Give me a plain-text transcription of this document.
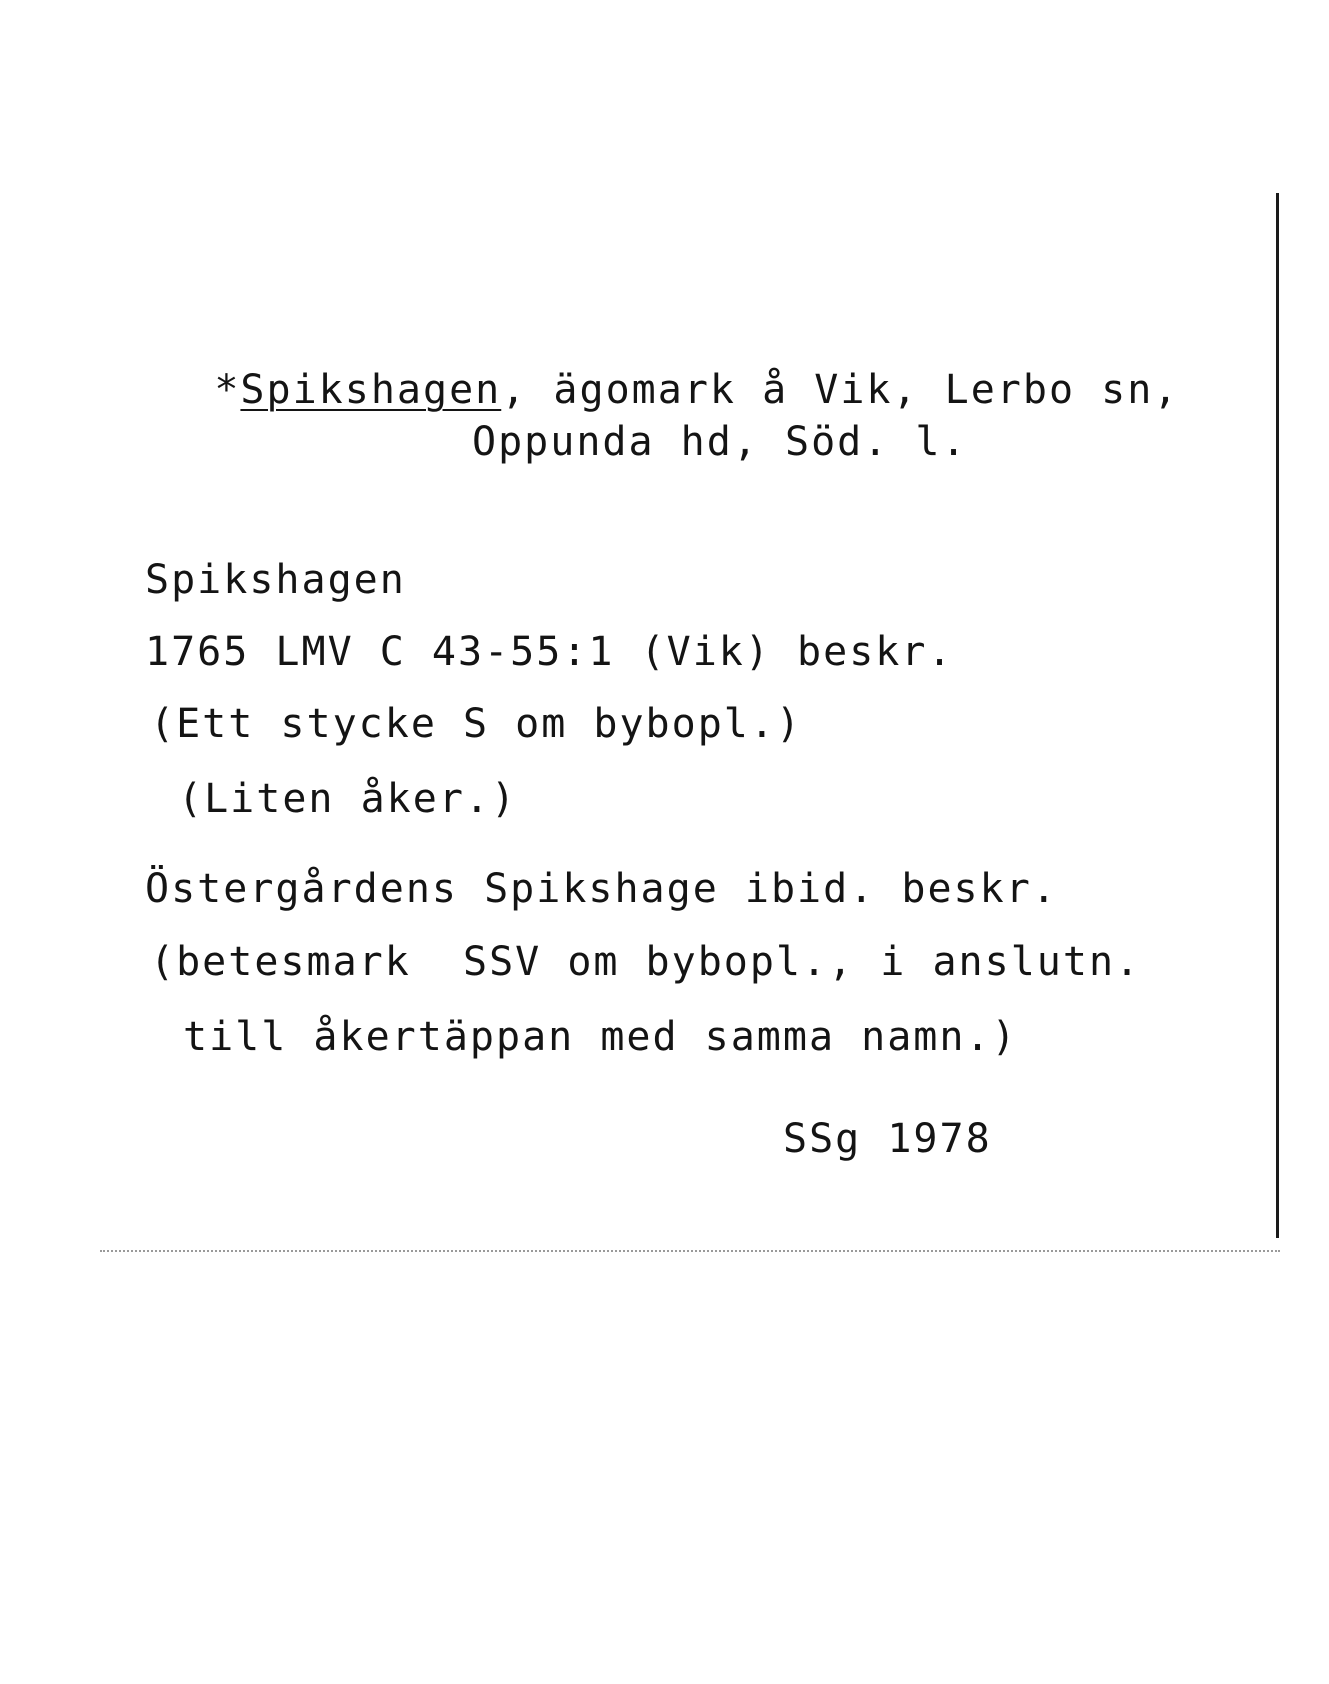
*Spikshagen, ägomark å Vik, Lerbo sn,

Oppunda hd, Söd. l.
Spikshagen
1765 LMV C 43-55:1 (Vik) beskr.
(Ett stycke S om bybopl.)
(Liten åker.)
Östergårdens Spikshage ibid. beskr.
(betesmark  SSV om bybopl., i anslutn.
till åkertäppan med samma namn.)
SSg 1978
